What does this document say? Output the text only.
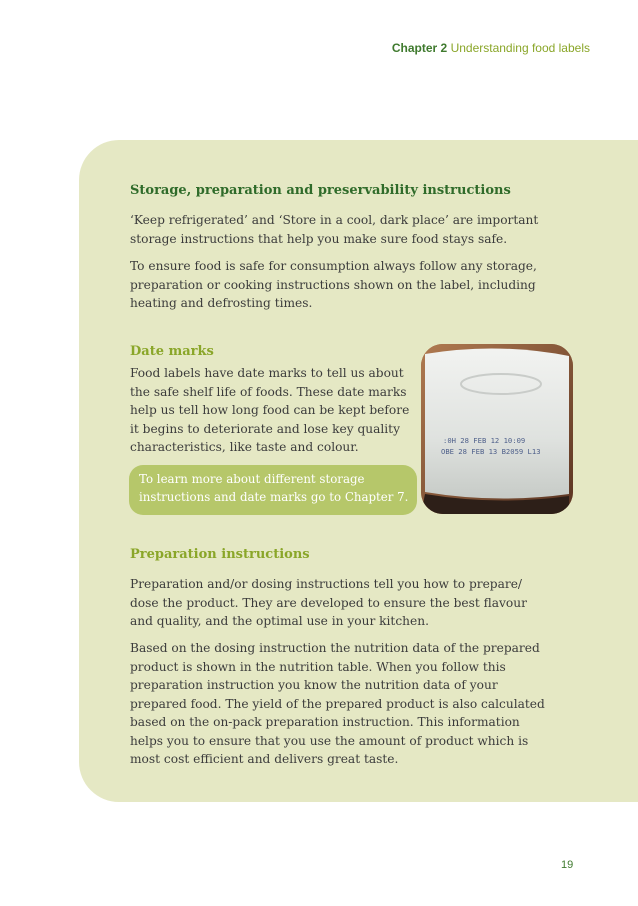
Chapter 2 Understanding food labels
Storage, preparation and preservability instructions
‘Keep refrigerated’ and ‘Store in a cool, dark place’ are important
storage instructions that help you make sure food stays safe.
To ensure food is safe for consumption always follow any storage,
preparation or cooking instructions shown on the label, including
heating and defrosting times.
Date marks
Food labels have date marks to tell us about
the safe shelf life of foods. These date marks
help us tell how long food can be kept before
it begins to deteriorate and lose key quality
characteristics, like taste and colour.	:0H 28 FEB 12 10:09
OBE 28 FEB 13 B2059 L13
To learn more about different storage
instructions and date marks go to Chapter 7.
Preparation instructions
Preparation and/or dosing instructions tell you how to prepare/
dose the product. They are developed to ensure the best flavour
and quality, and the optimal use in your kitchen.
Based on the dosing instruction the nutrition data of the prepared
product is shown in the nutrition table. When you follow this
preparation instruction you know the nutrition data of your
prepared food. The yield of the prepared product is also calculated
based on the on-pack preparation instruction. This information
helps you to ensure that you use the amount of product which is
most cost efficient and delivers great taste.
19
